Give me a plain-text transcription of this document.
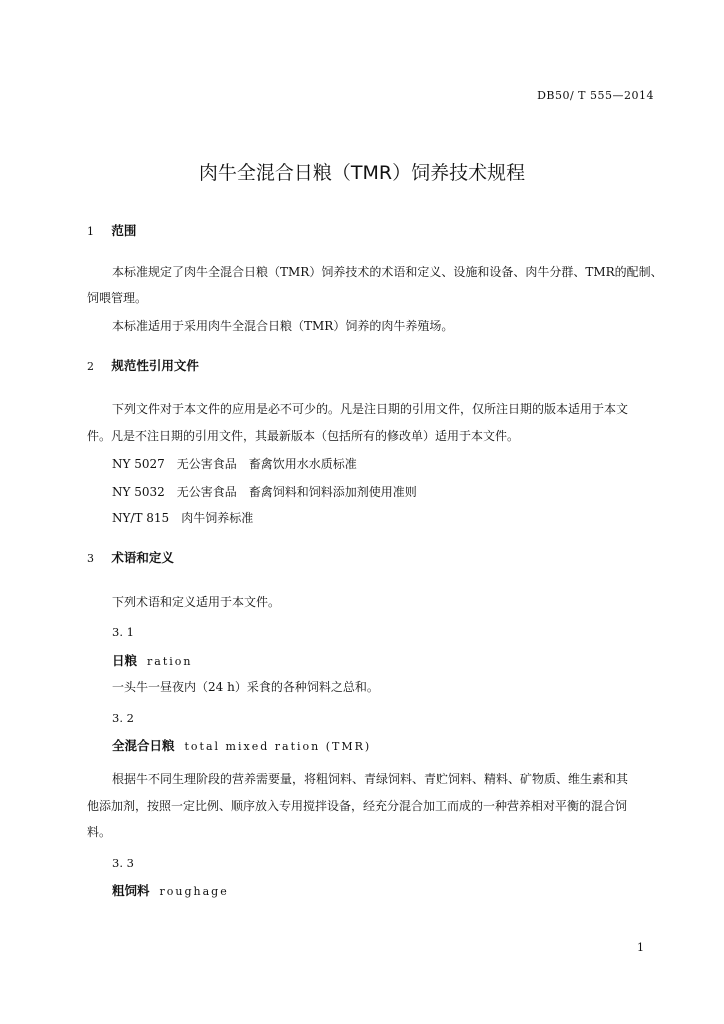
DB50/ T 555—2014
肉牛全混合日粮（TMR）饲养技术规程
1 范围
本标准规定了肉牛全混合日粮（TMR）饲养技术的术语和定义、设施和设备、肉牛分群、TMR的配制、
饲喂管理。
本标准适用于采用肉牛全混合日粮（TMR）饲养的肉牛养殖场。
2 规范性引用文件
下列文件对于本文件的应用是必不可少的。凡是注日期的引用文件，仅所注日期的版本适用于本文
件。凡是不注日期的引用文件，其最新版本（包括所有的修改单）适用于本文件。
NY 5027　无公害食品　畜禽饮用水水质标准
NY 5032　无公害食品　畜禽饲料和饲料添加剂使用准则
NY/T 815　肉牛饲养标准
3 术语和定义
下列术语和定义适用于本文件。
3. 1
日粮 ration
一头牛一昼夜内（24 h）采食的各种饲料之总和。
3. 2
全混合日粮 total mixed ration (TMR)
根据牛不同生理阶段的营养需要量，将粗饲料、青绿饲料、青贮饲料、精料、矿物质、维生素和其
他添加剂，按照一定比例、顺序放入专用搅拌设备，经充分混合加工而成的一种营养相对平衡的混合饲
料。
3. 3
粗饲料 roughage
1
